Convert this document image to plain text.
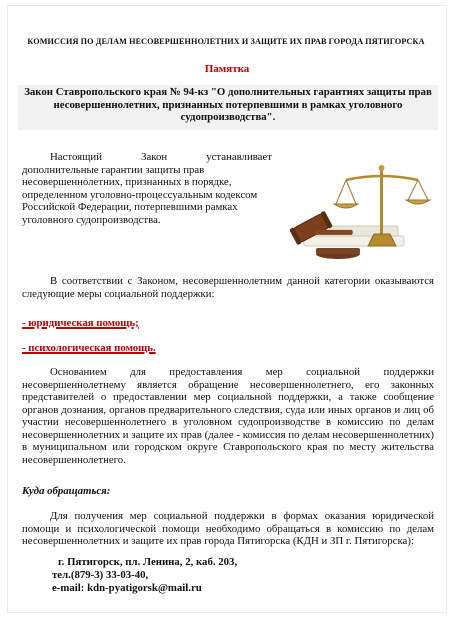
КОМИССИЯ ПО ДЕЛАМ НЕСОВЕРШЕННОЛЕТНИХ И ЗАЩИТЕ ИХ ПРАВ ГОРОДА ПЯТИГОРСКА
Памятка
Закон Ставропольского края № 94-кз "О дополнительных гарантиях защиты прав несовершеннолетних, признанных потерпевшими в рамках уголовного судопроизводства".
Настоящий	Закон	устанавливает
дополнительные гарантии защиты прав несовершеннолетних, признанных в порядке, определенном уголовно-процессуальным кодексом Российской Федерации, потерпевшими рамках уголовного судопроизводства.
В соответствии с Законом, несовершеннолетним данной категории оказываются следующие меры социальной поддержки:
- юридическая помощь;
- психологическая помощь.
Основанием для предоставления мер социальной поддержки несовершеннолетнему является обращение несовершеннолетнего, его законных представителей о предоставлении мер социальной поддержки, а также сообщение органов дознания, органов предварительного следствия, суда или иных органов и лиц об участии несовершеннолетнего в уголовном судопроизводстве в комиссию по делам несовершеннолетних и защите их прав (далее - комиссия по делам несовершеннолетних) в муниципальном или городском округе Ставропольского края по месту жительства несовершеннолетнего.
Куда обращаться:
Для получения мер социальной поддержки в формах оказания юридической помощи и психологической помощи необходимо обращаться в комиссию по делам несовершеннолетних и защите их прав города Пятигорска (КДН и ЗП г. Пятигорска):
г. Пятигорск, пл. Ленина, 2, каб. 203,
тел.(879-3) 33-03-40,
e-mail: kdn-pyatigorsk@mail.ru
